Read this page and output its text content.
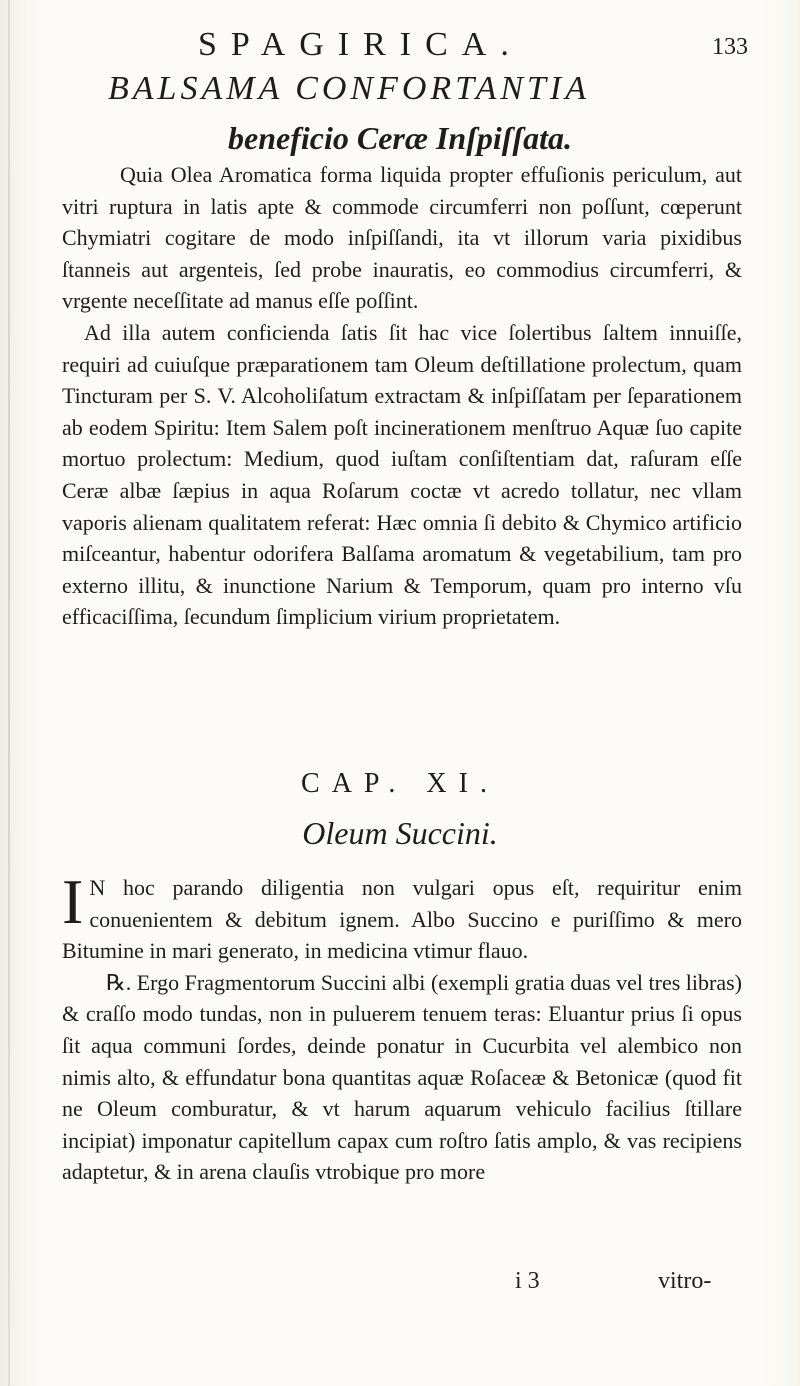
SPAGIRICA.	133
BALSAMA CONFORTANTIA
beneficio Ceræ Inſpiſſata.

Quia Olea Aromatica forma liquida propter effuſionis periculum, aut vitri ruptura in latis apte & commode circumferri non poſſunt, cœperunt Chymiatri cogitare de modo inſpiſſandi, ita vt illorum varia pixidibus ſtanneis aut argenteis, ſed probe inauratis, eo commodius circumferri, & vrgente neceſſitate ad manus eſſe poſſint.

Ad illa autem conficienda ſatis ſit hac vice ſolertibus ſaltem innuiſſe, requiri ad cuiuſque præparationem tam Oleum deſtillatione prolectum, quam Tincturam per S. V. Alcoholiſatum extractam & inſpiſſatam per ſeparationem ab eodem Spiritu: Item Salem poſt incinerationem menſtruo Aquæ ſuo capite mortuo prolectum: Medium, quod iuſtam conſiſtentiam dat, raſuram eſſe Ceræ albæ ſæpius in aqua Roſarum coctæ vt acredo tollatur, nec vllam vaporis alienam qualitatem referat: Hæc omnia ſi debito & Chymico artificio miſceantur, habentur odorifera Balſama aromatum & vegetabilium, tam pro externo illitu, & inunctione Narium & Temporum, quam pro interno vſu efficaciſſima, ſecundum ſimplicium virium proprietatem.

CAP. XI.
Oleum Succini.

I N hoc parando diligentia non vulgari opus eſt, requiritur enim conuenientem & debitum ignem. Albo Succino e puriſſimo & mero Bitumine in mari generato, in medicina vtimur flauo.

℞. Ergo Fragmentorum Succini albi (exempli gratia duas vel tres libras) & craſſo modo tundas, non in puluerem tenuem teras: Eluantur prius ſi opus ſit aqua communi ſordes, deinde ponatur in Cucurbita vel alembico non nimis alto, & effundatur bona quantitas aquæ Roſaceæ & Betonicæ (quod fit ne Oleum comburatur, & vt harum aquarum vehiculo facilius ſtillare incipiat) imponatur capitellum capax cum roſtro ſatis amplo, & vas recipiens adaptetur, & in arena clauſis vtrobique pro more

i 3	vitro-
